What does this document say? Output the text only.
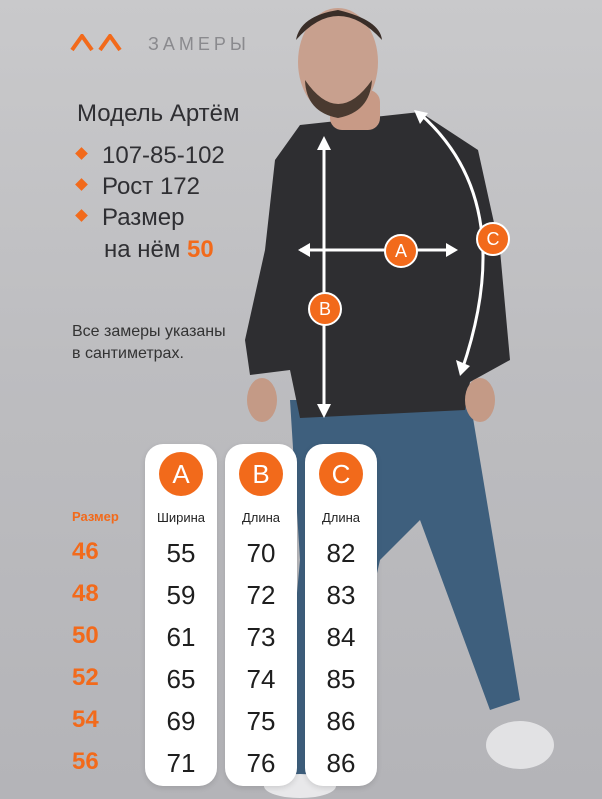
A
B
C
ЗАМЕРЫ
Модель Артём
107-85-102
Рост 172
Размер
на нём 50
Все замеры указаны
в сантиметрах.
Размер
46
48
50
52
54
56
A
Ширина
55
59
61
65
69
71
B
Длина
70
72
73
74
75
76
C
Длина
82
83
84
85
86
86
